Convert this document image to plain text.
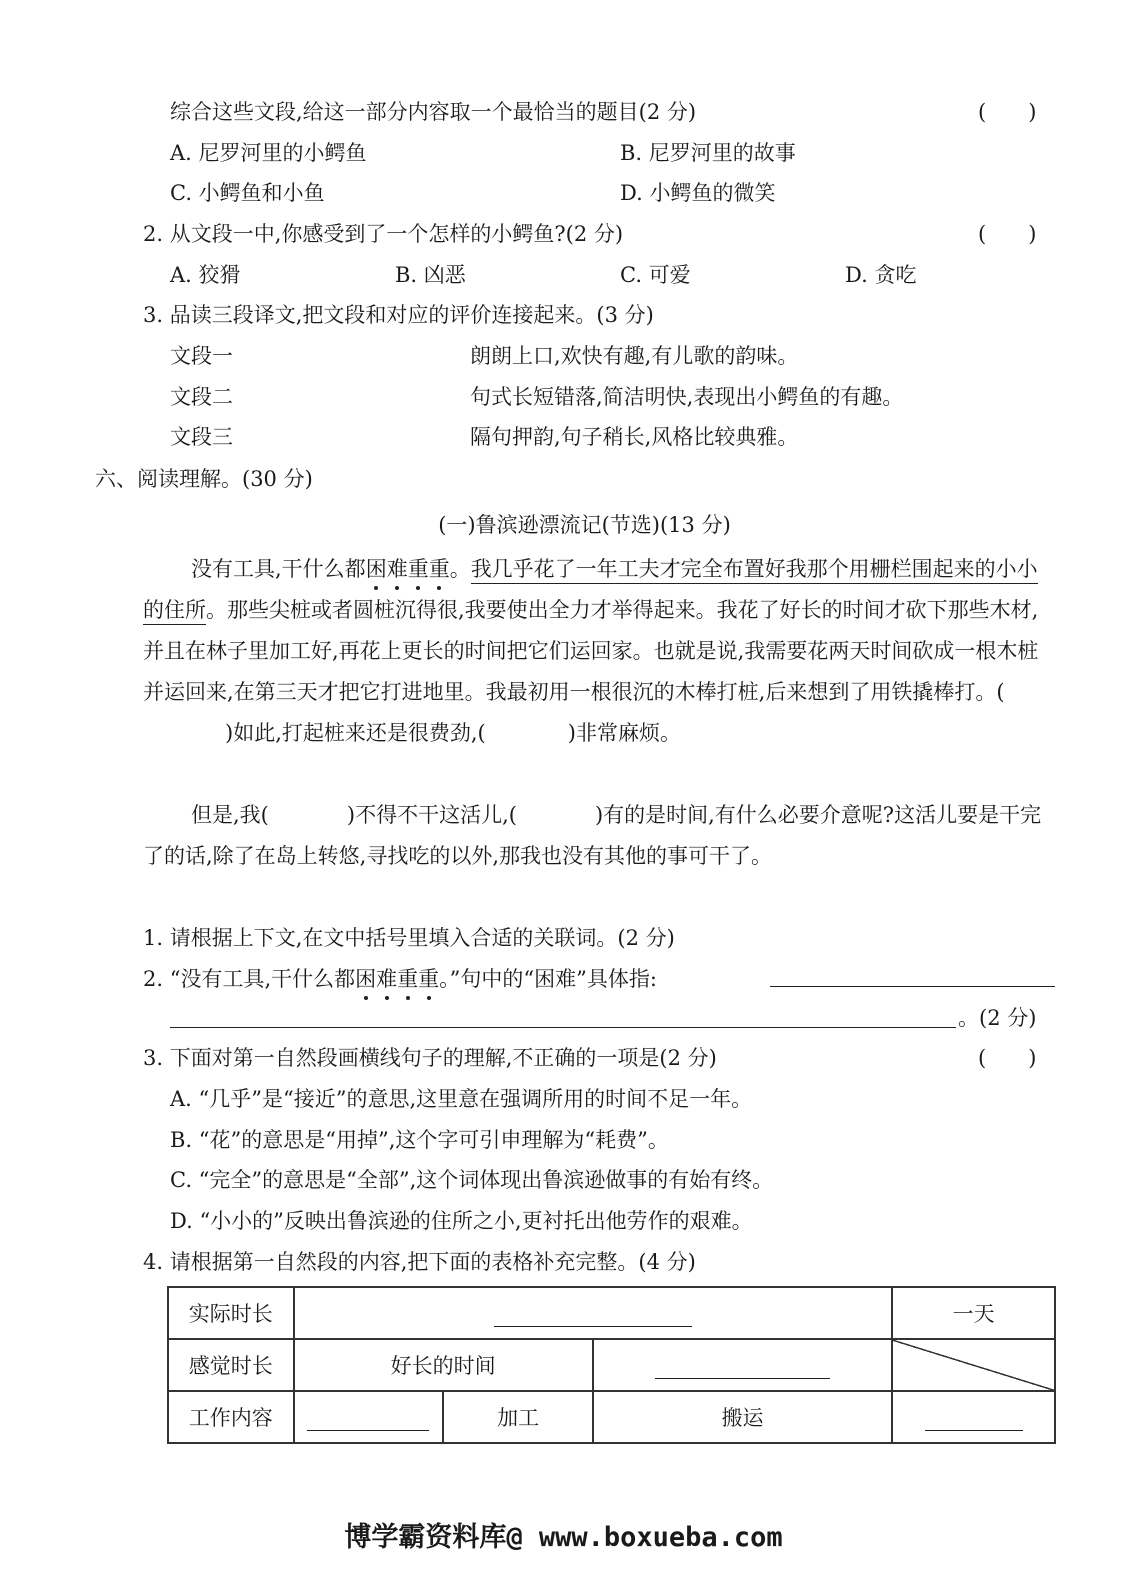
综合这些文段,给这一部分内容取一个最恰当的题目(2 分)	(　　)
A. 尼罗河里的小鳄鱼	B. 尼罗河里的故事
C. 小鳄鱼和小鱼	D. 小鳄鱼的微笑
2. 从文段一中,你感受到了一个怎样的小鳄鱼?(2 分)	(　　)
A. 狡猾	B. 凶恶	C. 可爱	D. 贪吃
3. 品读三段译文,把文段和对应的评价连接起来。(3 分)
文段一	朗朗上口,欢快有趣,有儿歌的韵味。
文段二	句式长短错落,简洁明快,表现出小鳄鱼的有趣。
文段三	隔句押韵,句子稍长,风格比较典雅。
六、阅读理解。(30 分)
(一)鲁滨逊漂流记(节选)(13 分)
没有工具,干什么都困难重重。我几乎花了一年工夫才完全布置好我那个用栅栏围起来的小小的住所。那些尖桩或者圆桩沉得很,我要使出全力才举得起来。我花了好长的时间才砍下那些木材,并且在林子里加工好,再花上更长的时间把它们运回家。也就是说,我需要花两天时间砍成一根木桩并运回来,在第三天才把它打进地里。我最初用一根很沉的木棒打桩,后来想到了用铁撬棒打。()如此,打起桩来还是很费劲,(	)非常麻烦。
但是,我(	)不得不干这活儿,(	)有的是时间,有什么必要介意呢?这活儿要是干完了的话,除了在岛上转悠,寻找吃的以外,那我也没有其他的事可干了。
1. 请根据上下文,在文中括号里填入合适的关联词。(2 分)
2. “没有工具,干什么都困难重重。”句中的“困难”具体指:
。(2 分)
3. 下面对第一自然段画横线句子的理解,不正确的一项是(2 分)	(　　)
A. “几乎”是“接近”的意思,这里意在强调所用的时间不足一年。
B. “花”的意思是“用掉”,这个字可引申理解为“耗费”。
C. “完全”的意思是“全部”,这个词体现出鲁滨逊做事的有始有终。
D. “小小的”反映出鲁滨逊的住所之小,更衬托出他劳作的艰难。
4. 请根据第一自然段的内容,把下面的表格补充完整。(4 分)
实际时长				一天
感觉时长	好长的时间			
工作内容		加工	搬运	
博学霸资料库@ www.boxueba.com
